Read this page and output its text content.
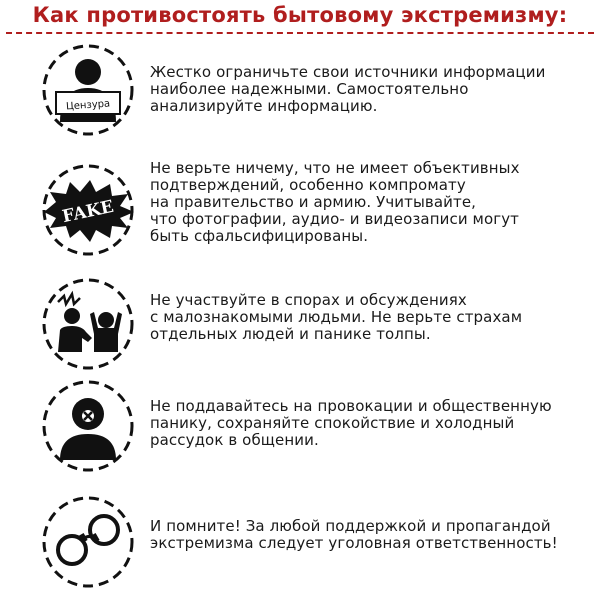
Как противостоять бытовому экстремизму:
Цензура
Жестко ограничьте свои источники информации
наиболее надежными. Самостоятельно
анализируйте информацию.
FAKE
Не верьте ничему, что не имеет объективных
подтверждений, особенно компромату
на правительство и армию. Учитывайте,
что фотографии, аудио- и видеозаписи могут
быть сфальсифицированы.
Не участвуйте в спорах и обсуждениях
с малознакомыми людьми. Не верьте страхам
отдельных людей и панике толпы.
Не поддавайтесь на провокации и общественную
панику, сохраняйте спокойствие и холодный
рассудок в общении.
И помните! За любой поддержкой и пропагандой
экстремизма следует уголовная ответственность!
